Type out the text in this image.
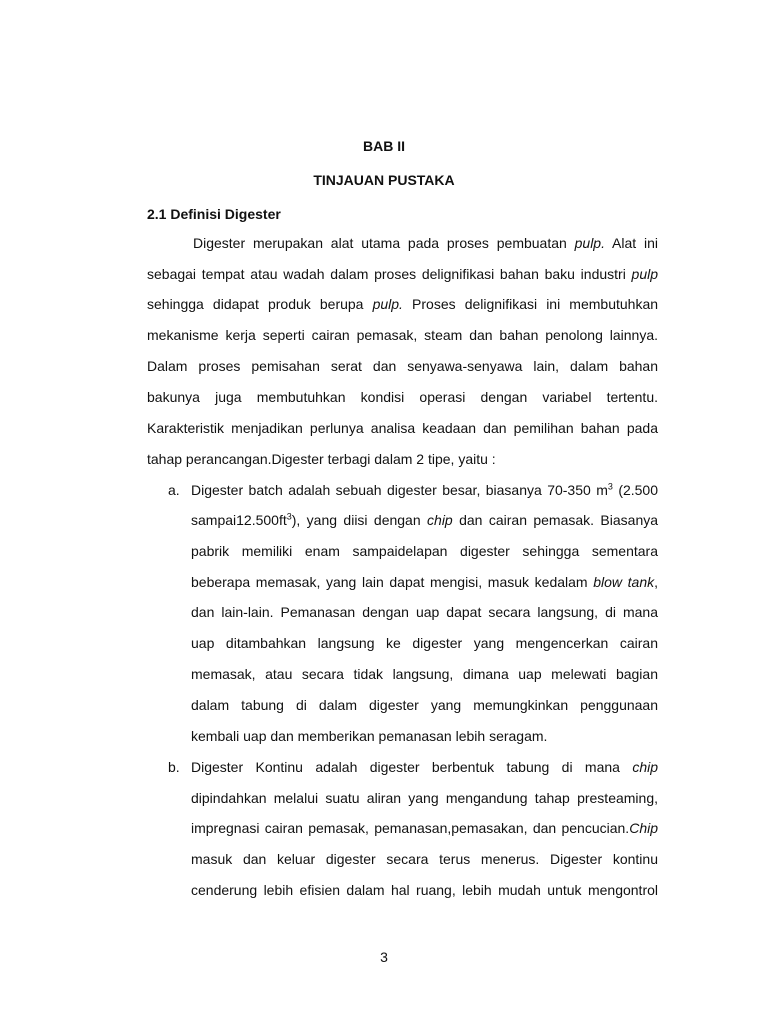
BAB II
TINJAUAN PUSTAKA
2.1 Definisi Digester
Digester merupakan alat utama pada proses pembuatan pulp. Alat ini
sebagai tempat atau wadah dalam proses delignifikasi bahan baku industri pulp
sehingga didapat produk berupa pulp. Proses delignifikasi ini membutuhkan
mekanisme kerja seperti cairan pemasak, steam dan bahan penolong lainnya.
Dalam proses pemisahan serat dan senyawa-senyawa lain, dalam bahan
bakunya juga membutuhkan kondisi operasi dengan variabel tertentu.
Karakteristik menjadikan perlunya analisa keadaan dan pemilihan bahan pada
tahap perancangan.Digester terbagi dalam 2 tipe, yaitu :
a. Digester batch adalah sebuah digester besar, biasanya 70-350 $m^3$ (2.500
$sampai12.500ft^3$), yang diisi dengan chip dan cairan pemasak. Biasanya
pabrik memiliki enam sampaidelapan digester sehingga sementara
beberapa memasak, yang lain dapat mengisi, masuk kedalam blow tank,
dan lain-lain. Pemanasan dengan uap dapat secara langsung, di mana
uap ditambahkan langsung ke digester yang mengencerkan cairan
memasak, atau secara tidak langsung, dimana uap melewati bagian
dalam tabung di dalam digester yang memungkinkan penggunaan
kembali uap dan memberikan pemanasan lebih seragam.
b. Digester Kontinu adalah digester berbentuk tabung di mana chip
dipindahkan melalui suatu aliran yang mengandung tahap presteaming,
impregnasi cairan pemasak, pemanasan,pemasakan, dan pencucian.Chip
masuk dan keluar digester secara terus menerus. Digester kontinu
cenderung lebih efisien dalam hal ruang, lebih mudah untuk mengontrol
3
